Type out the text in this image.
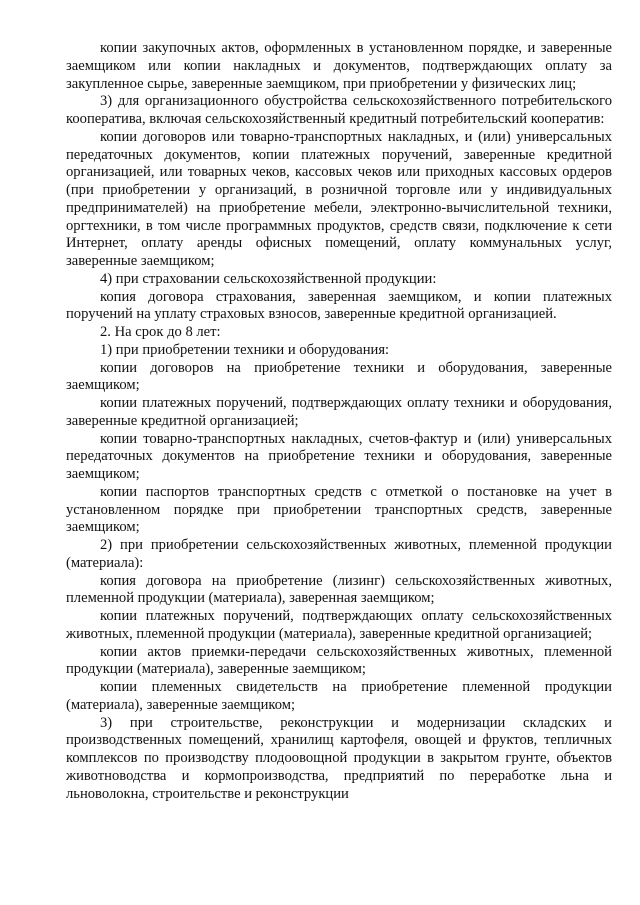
копии закупочных актов, оформленных в установленном порядке, и заверенные заемщиком или копии накладных и документов, подтверждающих оплату за закупленное сырье, заверенные заемщиком, при приобретении у физических лиц;

3) для организационного обустройства сельскохозяйственного потребительского кооператива, включая сельскохозяйственный кредитный потребительский кооператив:

копии договоров или товарно-транспортных накладных, и (или) универсальных передаточных документов, копии платежных поручений, заверенные кредитной организацией, или товарных чеков, кассовых чеков или приходных кассовых ордеров (при приобретении у организаций, в розничной торговле или у индивидуальных предпринимателей) на приобретение мебели, электронно-вычислительной техники, оргтехники, в том числе программных продуктов, средств связи, подключение к сети Интернет, оплату аренды офисных помещений, оплату коммунальных услуг, заверенные заемщиком;

4) при страховании сельскохозяйственной продукции:

копия договора страхования, заверенная заемщиком, и копии платежных поручений на уплату страховых взносов, заверенные кредитной организацией.

2. На срок до 8 лет:

1) при приобретении техники и оборудования:

копии договоров на приобретение техники и оборудования, заверенные заемщиком;

копии платежных поручений, подтверждающих оплату техники и оборудования, заверенные кредитной организацией;

копии товарно-транспортных накладных, счетов-фактур и (или) универсальных передаточных документов на приобретение техники и оборудования, заверенные заемщиком;

копии паспортов транспортных средств с отметкой о постановке на учет в установленном порядке при приобретении транспортных средств, заверенные заемщиком;

2) при приобретении сельскохозяйственных животных, племенной продукции (материала):

копия договора на приобретение (лизинг) сельскохозяйственных животных, племенной продукции (материала), заверенная заемщиком;

копии платежных поручений, подтверждающих оплату сельскохозяйственных животных, племенной продукции (материала), заверенные кредитной организацией;

копии актов приемки-передачи сельскохозяйственных животных, племенной продукции (материала), заверенные заемщиком;

копии племенных свидетельств на приобретение племенной продукции (материала), заверенные заемщиком;

3) при строительстве, реконструкции и модернизации складских и производственных помещений, хранилищ картофеля, овощей и фруктов, тепличных комплексов по производству плодоовощной продукции в закрытом грунте, объектов животноводства и кормопроизводства, предприятий по переработке льна и льноволокна, строительстве и реконструкции
